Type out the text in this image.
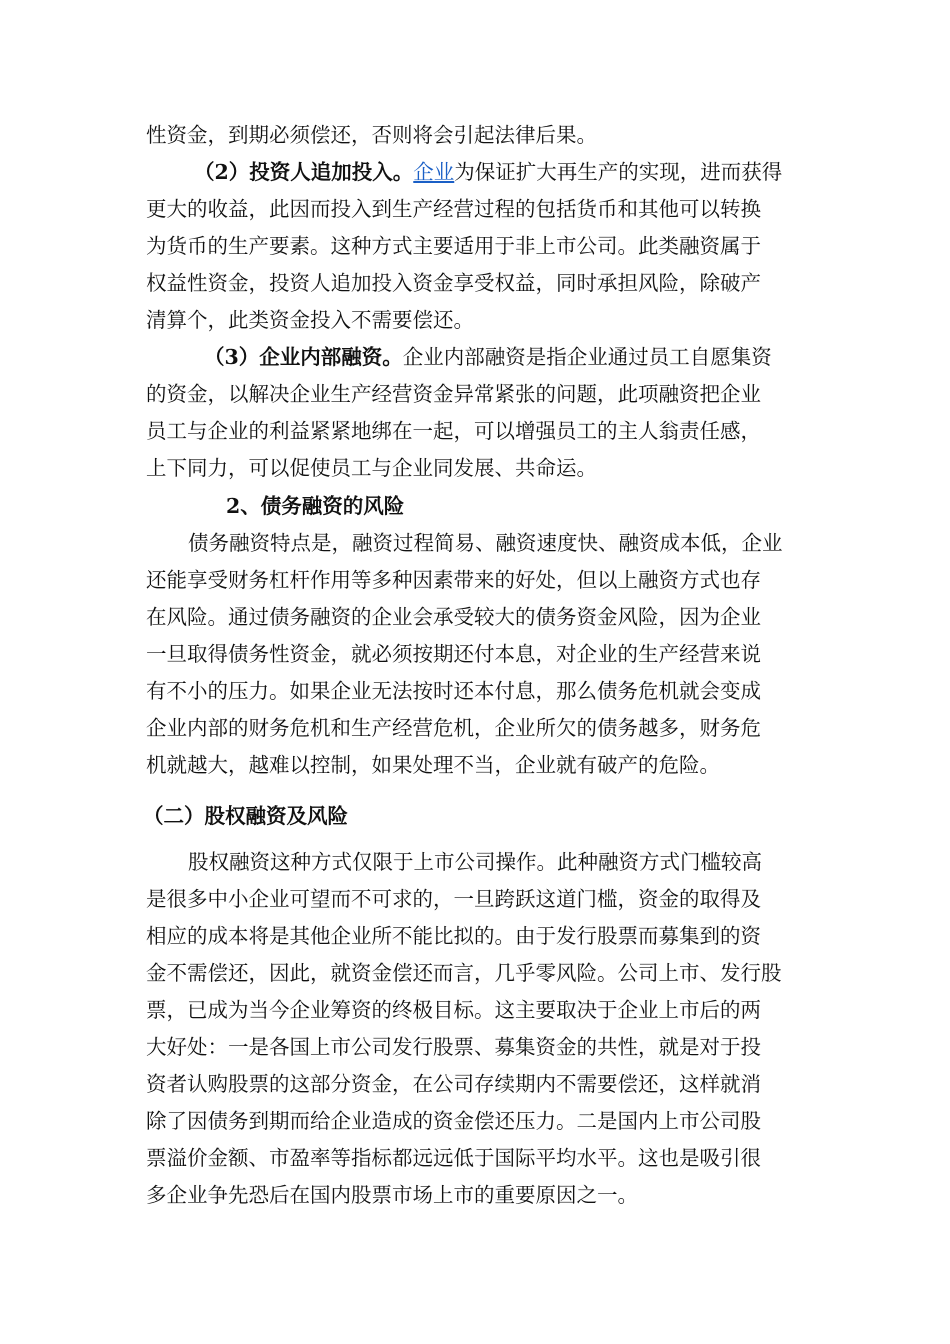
性资金，到期必须偿还，否则将会引起法律后果。

（2）投资人追加投入。企业为保证扩大再生产的实现，进而获得
更大的收益，此因而投入到生产经营过程的包括货币和其他可以转换
为货币的生产要素。这种方式主要适用于非上市公司。此类融资属于
权益性资金，投资人追加投入资金享受权益，同时承担风险，除破产
清算个，此类资金投入不需要偿还。

（3）企业内部融资。企业内部融资是指企业通过员工自愿集资
的资金，以解决企业生产经营资金异常紧张的问题，此项融资把企业
员工与企业的利益紧紧地绑在一起，可以增强员工的主人翁责任感，
上下同力，可以促使员工与企业同发展、共命运。

2、债务融资的风险

债务融资特点是，融资过程简易、融资速度快、融资成本低，企业
还能享受财务杠杆作用等多种因素带来的好处，但以上融资方式也存
在风险。通过债务融资的企业会承受较大的债务资金风险，因为企业
一旦取得债务性资金，就必须按期还付本息，对企业的生产经营来说
有不小的压力。如果企业无法按时还本付息，那么债务危机就会变成
企业内部的财务危机和生产经营危机，企业所欠的债务越多，财务危
机就越大，越难以控制，如果处理不当，企业就有破产的危险。

（二）股权融资及风险

股权融资这种方式仅限于上市公司操作。此种融资方式门槛较高
是很多中小企业可望而不可求的，一旦跨跃这道门槛，资金的取得及
相应的成本将是其他企业所不能比拟的。由于发行股票而募集到的资
金不需偿还，因此，就资金偿还而言，几乎零风险。公司上市、发行股
票，已成为当今企业筹资的终极目标。这主要取决于企业上市后的两
大好处：一是各国上市公司发行股票、募集资金的共性，就是对于投
资者认购股票的这部分资金，在公司存续期内不需要偿还，这样就消
除了因债务到期而给企业造成的资金偿还压力。二是国内上市公司股
票溢价金额、市盈率等指标都远远低于国际平均水平。这也是吸引很
多企业争先恐后在国内股票市场上市的重要原因之一。
